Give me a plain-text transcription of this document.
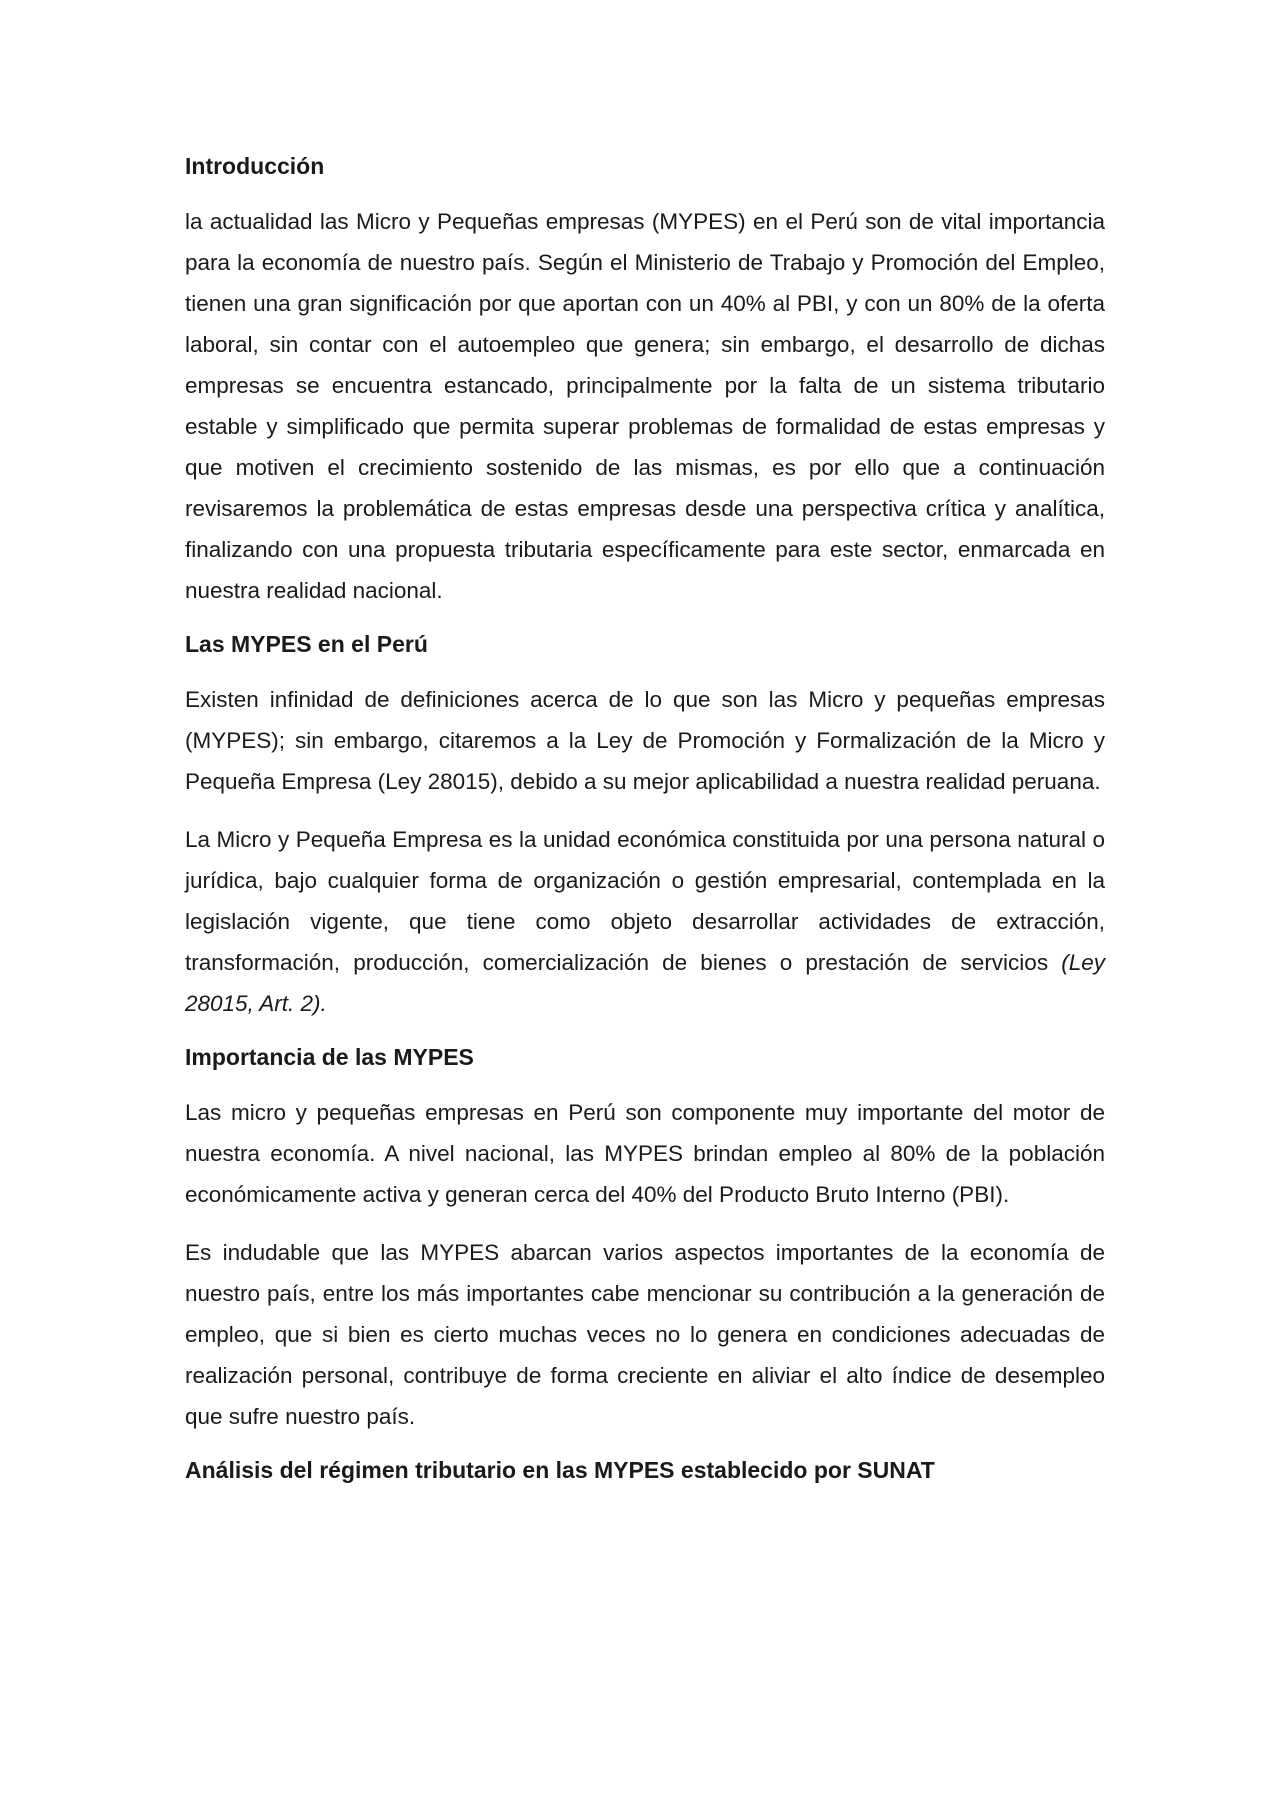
Introducción

la actualidad las Micro y Pequeñas empresas (MYPES) en el Perú son de vital importancia para la economía de nuestro país. Según el Ministerio de Trabajo y Promoción del Empleo, tienen una gran significación por que aportan con un 40% al PBI, y con un 80% de la oferta laboral, sin contar con el autoempleo que genera; sin embargo, el desarrollo de dichas empresas se encuentra estancado, principalmente por la falta de un sistema tributario estable y simplificado que permita superar problemas de formalidad de estas empresas y que motiven el crecimiento sostenido de las mismas, es por ello que a continuación revisaremos la problemática de estas empresas desde una perspectiva crítica y analítica, finalizando con una propuesta tributaria específicamente para este sector, enmarcada en nuestra realidad nacional.

Las MYPES en el Perú

Existen infinidad de definiciones acerca de lo que son las Micro y pequeñas empresas (MYPES); sin embargo, citaremos a la Ley de Promoción y Formalización de la Micro y Pequeña Empresa (Ley 28015), debido a su mejor aplicabilidad a nuestra realidad peruana.

La Micro y Pequeña Empresa es la unidad económica constituida por una persona natural o jurídica, bajo cualquier forma de organización o gestión empresarial, contemplada en la legislación vigente, que tiene como objeto desarrollar actividades de extracción, transformación, producción, comercialización de bienes o prestación de servicios (Ley 28015, Art. 2).

Importancia de las MYPES

Las micro y pequeñas empresas en Perú son componente muy importante del motor de nuestra economía. A nivel nacional, las MYPES brindan empleo al 80% de la población económicamente activa y generan cerca del 40% del Producto Bruto Interno (PBI).

Es indudable que las MYPES abarcan varios aspectos importantes de la economía de nuestro país, entre los más importantes cabe mencionar su contribución a la generación de empleo, que si bien es cierto muchas veces no lo genera en condiciones adecuadas de realización personal, contribuye de forma creciente en aliviar el alto índice de desempleo que sufre nuestro país.

Análisis del régimen tributario en las MYPES establecido por SUNAT
